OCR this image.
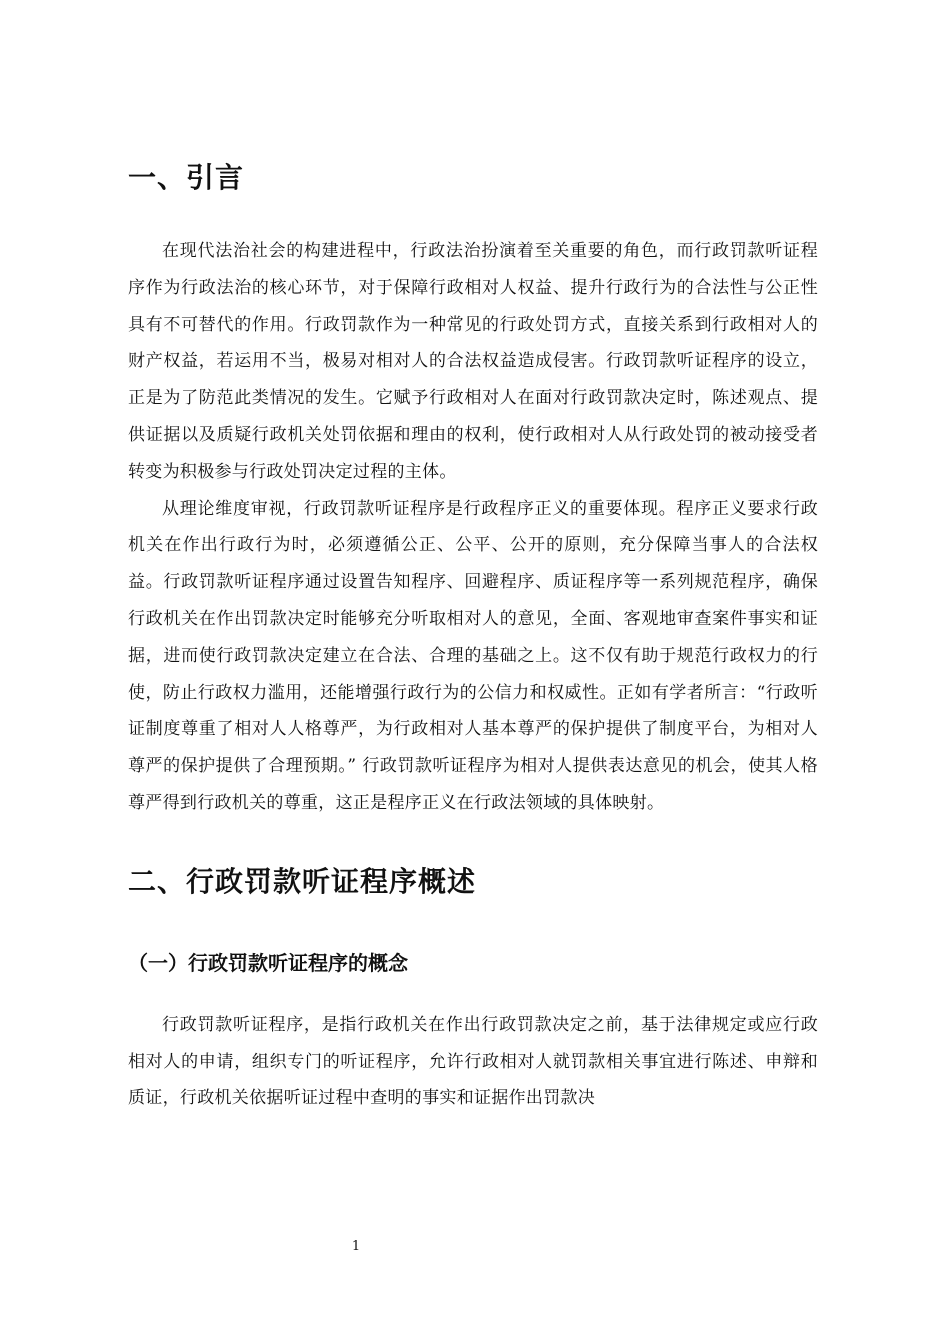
一、引言

在现代法治社会的构建进程中，行政法治扮演着至关重要的角色，而行政罚款听证程序作为行政法治的核心环节，对于保障行政相对人权益、提升行政行为的合法性与公正性具有不可替代的作用。行政罚款作为一种常见的行政处罚方式，直接关系到行政相对人的财产权益，若运用不当，极易对相对人的合法权益造成侵害。行政罚款听证程序的设立，正是为了防范此类情况的发生。它赋予行政相对人在面对行政罚款决定时，陈述观点、提供证据以及质疑行政机关处罚依据和理由的权利，使行政相对人从行政处罚的被动接受者转变为积极参与行政处罚决定过程的主体。

从理论维度审视，行政罚款听证程序是行政程序正义的重要体现。程序正义要求行政机关在作出行政行为时，必须遵循公正、公平、公开的原则，充分保障当事人的合法权益。行政罚款听证程序通过设置告知程序、回避程序、质证程序等一系列规范程序，确保行政机关在作出罚款决定时能够充分听取相对人的意见，全面、客观地审查案件事实和证据，进而使行政罚款决定建立在合法、合理的基础之上。这不仅有助于规范行政权力的行使，防止行政权力滥用，还能增强行政行为的公信力和权威性。正如有学者所言：“行政听证制度尊重了相对人人格尊严，为行政相对人基本尊严的保护提供了制度平台，为相对人尊严的保护提供了合理预期。” 行政罚款听证程序为相对人提供表达意见的机会，使其人格尊严得到行政机关的尊重，这正是程序正义在行政法领域的具体映射。

二、行政罚款听证程序概述
（一）行政罚款听证程序的概念

行政罚款听证程序，是指行政机关在作出行政罚款决定之前，基于法律规定或应行政相对人的申请，组织专门的听证程序，允许行政相对人就罚款相关事宜进行陈述、申辩和质证，行政机关依据听证过程中查明的事实和证据作出罚款决

1
